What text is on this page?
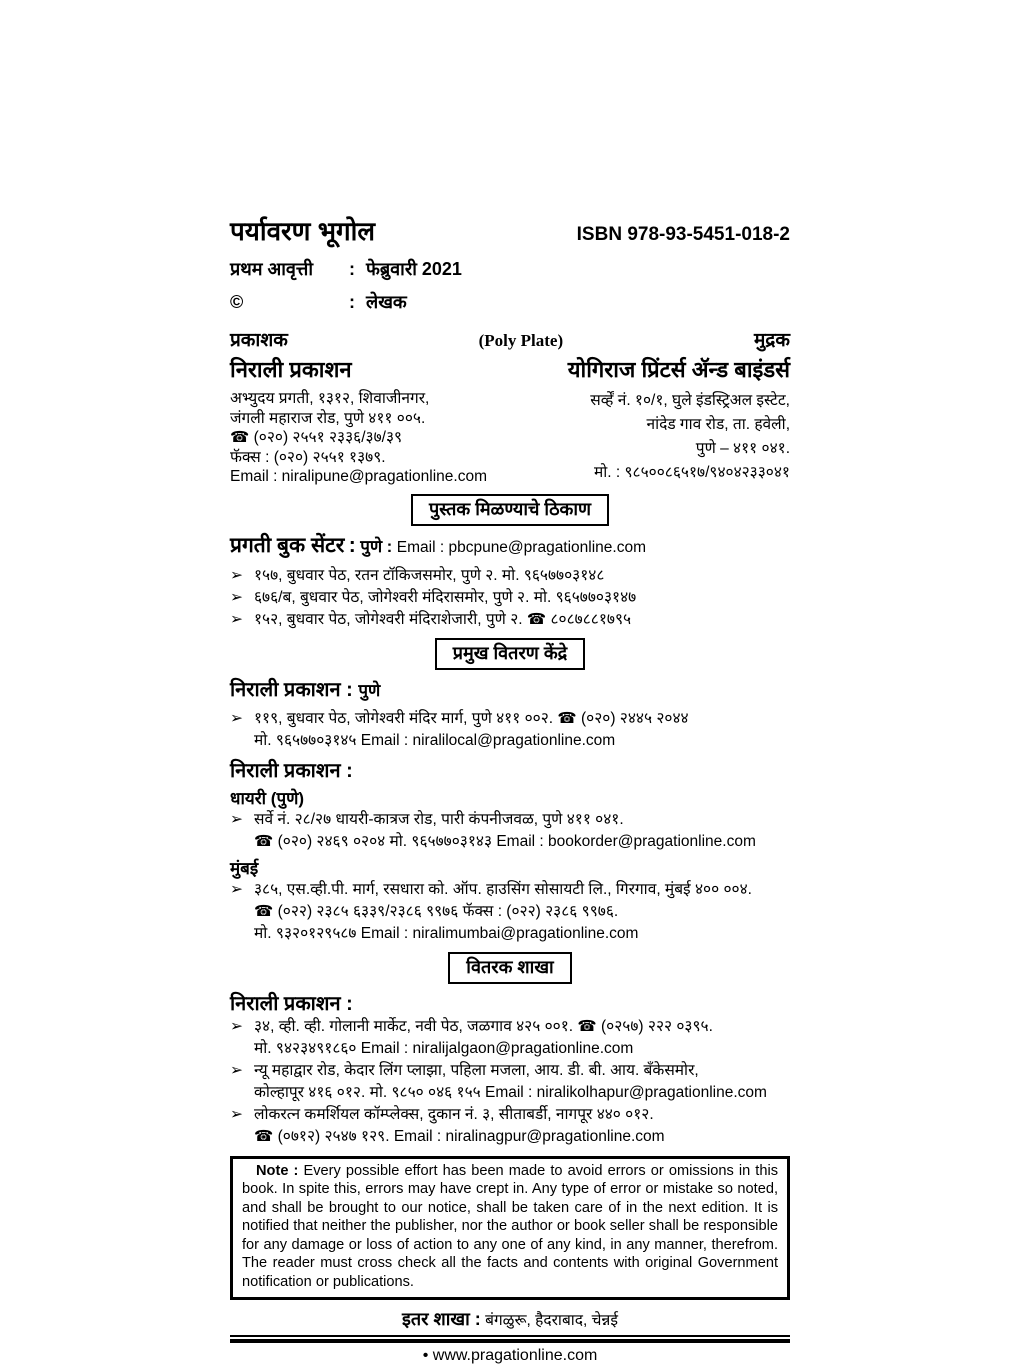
पर्यावरण भूगोल	ISBN 978-93-5451-018-2
प्रथम आवृत्ती	: फेब्रुवारी 2021
©	: लेखक
प्रकाशक	(Poly Plate)	मुद्रक
निराली प्रकाशन	योगिराज प्रिंटर्स ॲन्ड बाइंडर्स
अभ्युदय प्रगती, १३१२, शिवाजीनगर,
जंगली महाराज रोड, पुणे ४११ ००५.
☎ (०२०) २५५१ २३३६/३७/३९
फॅक्स : (०२०) २५५१ १३७९.
Email : niralipune@pragationline.com
सर्व्हें नं. १०/१, घुले इंडस्ट्रिअल इस्टेट,
नांदेड गाव रोड, ता. हवेली,
पुणे – ४११ ०४१.
मो. : ९८५००८६५१७/९४०४२३३०४१
पुस्तक मिळण्याचे ठिकाण
प्रगती बुक सेंटर : पुणे : Email : pbcpune@pragationline.com
➢ १५७, बुधवार पेठ, रतन टॉकिजसमोर, पुणे २. मो. ९६५७७०३१४८
➢ ६७६/ब, बुधवार पेठ, जोगेश्वरी मंदिरासमोर, पुणे २. मो. ९६५७७०३१४७
➢ १५२, बुधवार पेठ, जोगेश्वरी मंदिराशेजारी, पुणे २. ☎ ८०८७८८१७९५
प्रमुख वितरण केंद्रे
निराली प्रकाशन : पुणे
➢ ११९, बुधवार पेठ, जोगेश्वरी मंदिर मार्ग, पुणे ४११ ००२. ☎ (०२०) २४४५ २०४४
मो. ९६५७७०३१४५ Email : niralilocal@pragationline.com
निराली प्रकाशन :
धायरी (पुणे)
➢ सर्वे नं. २८/२७ धायरी-कात्रज रोड, पारी कंपनीजवळ, पुणे ४११ ०४१.
☎ (०२०) २४६९ ०२०४ मो. ९६५७७०३१४३ Email : bookorder@pragationline.com
मुंबई
➢ ३८५, एस.व्ही.पी. मार्ग, रसधारा को. ऑप. हाउसिंग सोसायटी लि., गिरगाव, मुंबई ४०० ००४.
☎ (०२२) २३८५ ६३३९/२३८६ ९९७६ फॅक्स : (०२२) २३८६ ९९७६.
मो. ९३२०१२९५८७ Email : niralimumbai@pragationline.com
वितरक शाखा
निराली प्रकाशन :
➢ ३४, व्ही. व्ही. गोलानी मार्केट, नवी पेठ, जळगाव ४२५ ००१. ☎ (०२५७) २२२ ०३९५.
मो. ९४२३४९१८६० Email : niralijalgaon@pragationline.com
➢ न्यू महाद्वार रोड, केदार लिंग प्लाझा, पहिला मजला, आय. डी. बी. आय. बँकेसमोर,
कोल्हापूर ४१६ ०१२. मो. ९८५० ०४६ १५५ Email : niralikolhapur@pragationline.com
➢ लोकरत्न कमर्शियल कॉम्प्लेक्स, दुकान नं. ३, सीताबर्डी, नागपूर ४४० ०१२.
☎ (०७१२) २५४७ १२९. Email : niralinagpur@pragationline.com
Note : Every possible effort has been made to avoid errors or omissions in this book. In spite this, errors may have crept in. Any type of error or mistake so noted, and shall be brought to our notice, shall be taken care of in the next edition. It is notified that neither the publisher, nor the author or book seller shall be responsible for any damage or loss of action to any one of any kind, in any manner, therefrom. The reader must cross check all the facts and contents with original Government notification or publications.
इतर शाखा : बंगळुरू, हैदराबाद, चेन्नई
• www.pragationline.com
